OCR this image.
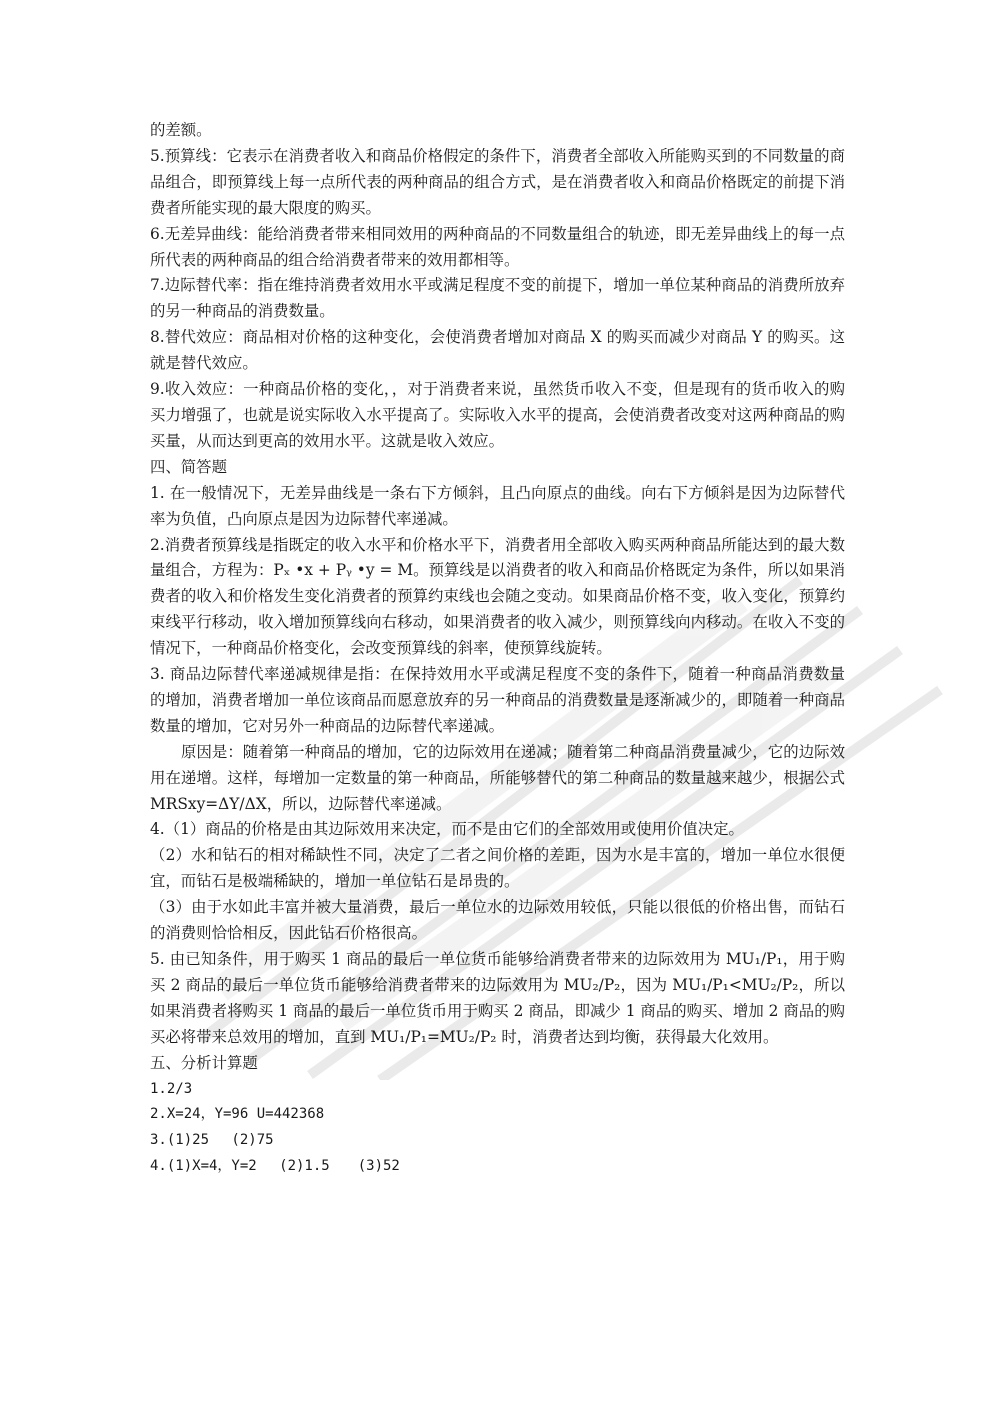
的差额。

5.预算线：它表示在消费者收入和商品价格假定的条件下，消费者全部收入所能购买到的不同数量的商品组合，即预算线上每一点所代表的两种商品的组合方式，是在消费者收入和商品价格既定的前提下消费者所能实现的最大限度的购买。

6.无差异曲线：能给消费者带来相同效用的两种商品的不同数量组合的轨迹，即无差异曲线上的每一点所代表的两种商品的组合给消费者带来的效用都相等。

7.边际替代率：指在维持消费者效用水平或满足程度不变的前提下，增加一单位某种商品的消费所放弃的另一种商品的消费数量。

8.替代效应：商品相对价格的这种变化，会使消费者增加对商品 X 的购买而减少对商品 Y 的购买。这就是替代效应。

9.收入效应：一种商品价格的变化，，对于消费者来说，虽然货币收入不变，但是现有的货币收入的购买力增强了，也就是说实际收入水平提高了。实际收入水平的提高，会使消费者改变对这两种商品的购买量，从而达到更高的效用水平。这就是收入效应。

四、简答题

1. 在一般情况下，无差异曲线是一条右下方倾斜，且凸向原点的曲线。向右下方倾斜是因为边际替代率为负值，凸向原点是因为边际替代率递减。

2.消费者预算线是指既定的收入水平和价格水平下，消费者用全部收入购买两种商品所能达到的最大数量组合，方程为：Pₓ •x + Pᵧ •y = M。预算线是以消费者的收入和商品价格既定为条件，所以如果消费者的收入和价格发生变化消费者的预算约束线也会随之变动。如果商品价格不变，收入变化，预算约束线平行移动，收入增加预算线向右移动，如果消费者的收入减少，则预算线向内移动。在收入不变的情况下，一种商品价格变化，会改变预算线的斜率，使预算线旋转。

3. 商品边际替代率递减规律是指：在保持效用水平或满足程度不变的条件下，随着一种商品消费数量的增加，消费者增加一单位该商品而愿意放弃的另一种商品的消费数量是逐渐减少的，即随着一种商品数量的增加，它对另外一种商品的边际替代率递减。

原因是：随着第一种商品的增加，它的边际效用在递减；随着第二种商品消费量减少，它的边际效用在递增。这样，每增加一定数量的第一种商品，所能够替代的第二种商品的数量越来越少，根据公式 MRSxy=ΔY/ΔX，所以，边际替代率递减。

4.（1）商品的价格是由其边际效用来决定，而不是由它们的全部效用或使用价值决定。

（2）水和钻石的相对稀缺性不同，决定了二者之间价格的差距，因为水是丰富的，增加一单位水很便宜，而钻石是极端稀缺的，增加一单位钻石是昂贵的。

（3）由于水如此丰富并被大量消费，最后一单位水的边际效用较低，只能以很低的价格出售，而钻石的消费则恰恰相反，因此钻石价格很高。

5. 由已知条件，用于购买 1 商品的最后一单位货币能够给消费者带来的边际效用为 MU₁/P₁，用于购买 2 商品的最后一单位货币能够给消费者带来的边际效用为 MU₂/P₂，因为 MU₁/P₁<MU₂/P₂，所以如果消费者将购买 1 商品的最后一单位货币用于购买 2 商品，即减少 1 商品的购买、增加 2 商品的购买必将带来总效用的增加，直到 MU₁/P₁=MU₂/P₂ 时，消费者达到均衡，获得最大化效用。

五、分析计算题

1.2/3

2.X=24，Y=96 U=442368

3.(1)25　 (2)75

4.(1)X=4，Y=2　 (2)1.5　　(3)52
